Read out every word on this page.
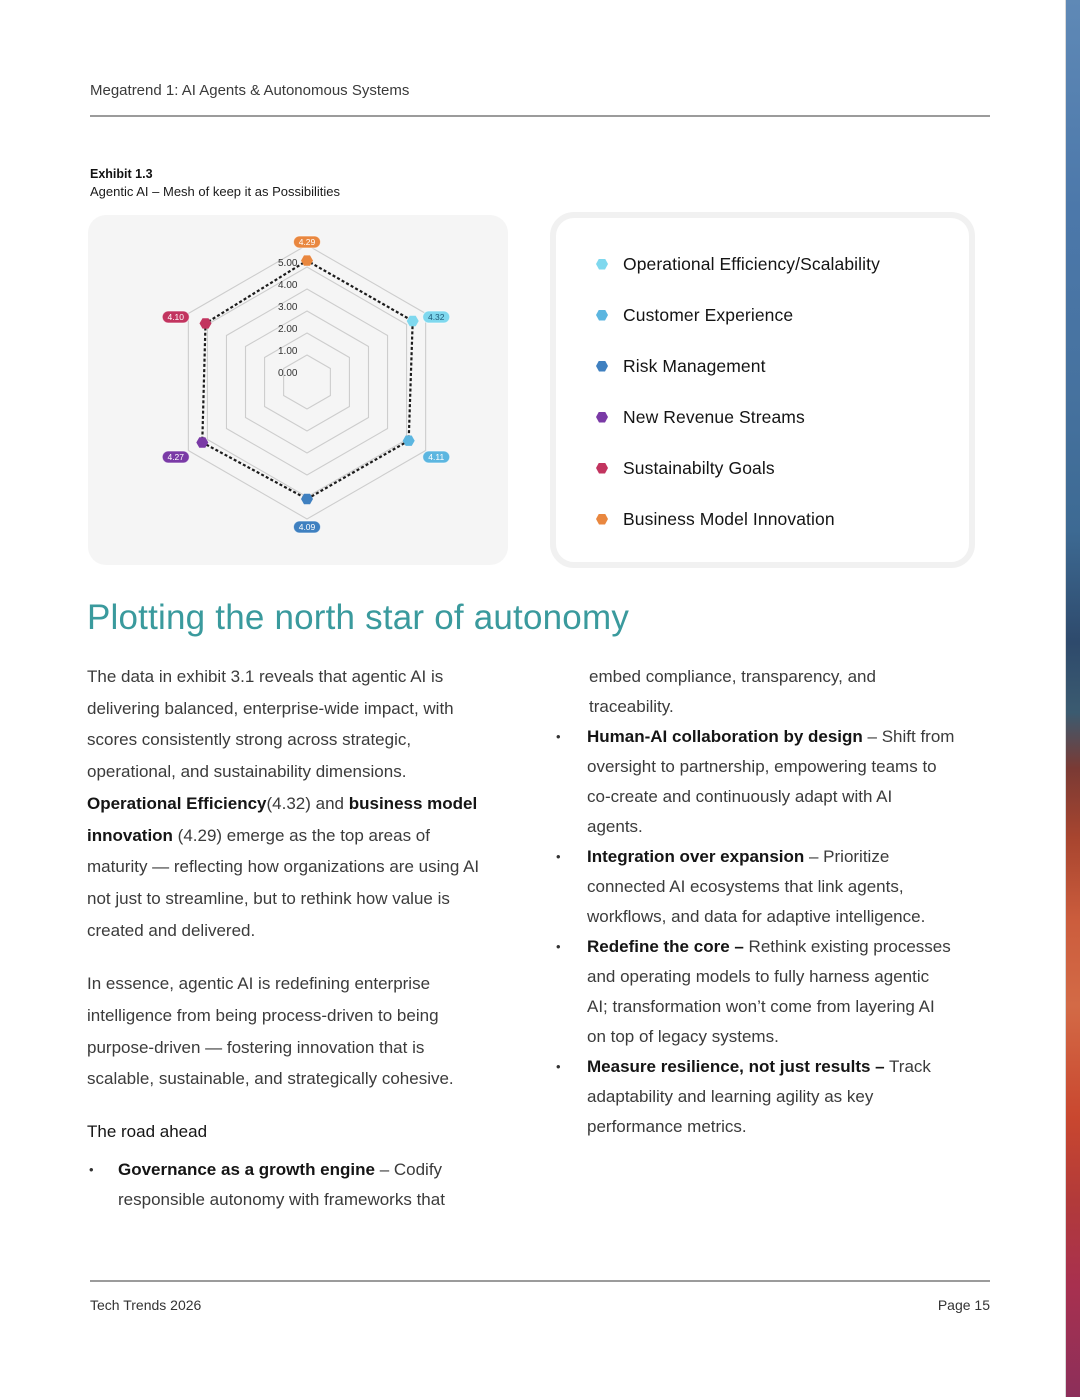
Megatrend 1: AI Agents & Autonomous Systems
Exhibit 1.3
Agentic AI – Mesh of keep it as Possibilities
0.00
1.00
2.00
3.00
4.00
5.00
4.32
4.11
4.09
4.27
4.10
4.29
Operational Efficiency/Scalability
Customer Experience
Risk Management
New Revenue Streams
Sustainabilty Goals
Business Model Innovation
Plotting the north star of autonomy
The data in exhibit 3.1 reveals that agentic AI is
delivering balanced, enterprise-wide impact, with
scores consistently strong across strategic,
operational, and sustainability dimensions.
Operational Efficiency(4.32) and business model
innovation (4.29) emerge as the top areas of
maturity — reflecting how organizations are using AI
not just to streamline, but to rethink how value is
created and delivered.
In essence, agentic AI is redefining enterprise
intelligence from being process-driven to being
purpose-driven — fostering innovation that is
scalable, sustainable, and strategically cohesive.
The road ahead
• Governance as a growth engine – Codify
responsible autonomy with frameworks that
embed compliance, transparency, and
traceability.
• Human-AI collaboration by design – Shift from
oversight to partnership, empowering teams to
co-create and continuously adapt with AI
agents.
• Integration over expansion – Prioritize
connected AI ecosystems that link agents,
workflows, and data for adaptive intelligence.
• Redefine the core – Rethink existing processes
and operating models to fully harness agentic
AI; transformation won’t come from layering AI
on top of legacy systems.
• Measure resilience, not just results – Track
adaptability and learning agility as key
performance metrics.
Tech Trends 2026	Page 15
